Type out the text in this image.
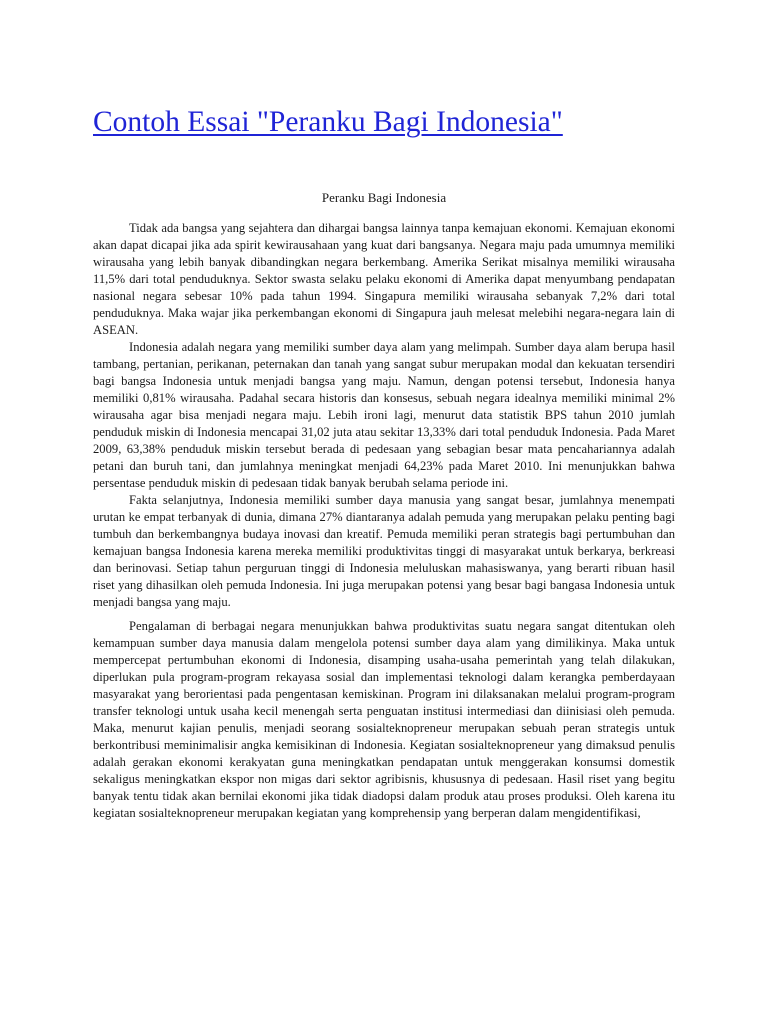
Contoh Essai "Peranku Bagi Indonesia"
Peranku Bagi Indonesia

Tidak ada bangsa yang sejahtera dan dihargai bangsa lainnya tanpa kemajuan ekonomi. Kemajuan ekonomi akan dapat dicapai jika ada spirit kewirausahaan yang kuat dari bangsanya. Negara maju pada umumnya memiliki wirausaha yang lebih banyak dibandingkan negara berkembang. Amerika Serikat misalnya memiliki wirausaha 11,5% dari total penduduknya. Sektor swasta selaku pelaku ekonomi di Amerika dapat menyumbang pendapatan nasional negara sebesar 10% pada tahun 1994. Singapura memiliki wirausaha sebanyak 7,2% dari total penduduknya. Maka wajar jika perkembangan ekonomi di Singapura jauh melesat melebihi negara-negara lain di ASEAN.

Indonesia adalah negara yang memiliki sumber daya alam yang melimpah. Sumber daya alam berupa hasil tambang, pertanian, perikanan, peternakan dan tanah yang sangat subur merupakan modal dan kekuatan tersendiri bagi bangsa Indonesia untuk menjadi bangsa yang maju. Namun, dengan potensi tersebut, Indonesia hanya memiliki 0,81% wirausaha. Padahal secara historis dan konsesus, sebuah negara idealnya memiliki minimal 2% wirausaha agar bisa menjadi negara maju. Lebih ironi lagi, menurut data statistik BPS tahun 2010 jumlah penduduk miskin di Indonesia mencapai 31,02 juta atau sekitar 13,33% dari total penduduk Indonesia. Pada Maret 2009, 63,38% penduduk miskin tersebut berada di pedesaan yang sebagian besar mata pencahariannya adalah petani dan buruh tani, dan jumlahnya meningkat menjadi 64,23% pada Maret 2010. Ini menunjukkan bahwa persentase penduduk miskin di pedesaan tidak banyak berubah selama periode ini.

Fakta selanjutnya, Indonesia memiliki sumber daya manusia yang sangat besar, jumlahnya menempati urutan ke empat terbanyak di dunia, dimana 27% diantaranya adalah pemuda yang merupakan pelaku penting bagi tumbuh dan berkembangnya budaya inovasi dan kreatif. Pemuda memiliki peran strategis bagi pertumbuhan dan kemajuan bangsa Indonesia karena mereka memiliki produktivitas tinggi di masyarakat untuk berkarya, berkreasi dan berinovasi. Setiap tahun perguruan tinggi di Indonesia meluluskan mahasiswanya, yang berarti ribuan hasil riset yang dihasilkan oleh pemuda Indonesia. Ini juga merupakan potensi yang besar bagi bangasa Indonesia untuk menjadi bangsa yang maju.

Pengalaman di berbagai negara menunjukkan bahwa produktivitas suatu negara sangat ditentukan oleh kemampuan sumber daya manusia dalam mengelola potensi sumber daya alam yang dimilikinya. Maka untuk mempercepat pertumbuhan ekonomi di Indonesia, disamping usaha-usaha pemerintah yang telah dilakukan, diperlukan pula program-program rekayasa sosial dan implementasi teknologi dalam kerangka pemberdayaan masyarakat yang berorientasi pada pengentasan kemiskinan. Program ini dilaksanakan melalui program-program transfer teknologi untuk usaha kecil menengah serta penguatan institusi intermediasi dan diinisiasi oleh pemuda. Maka, menurut kajian penulis, menjadi seorang sosialteknopreneur merupakan sebuah peran strategis untuk berkontribusi meminimalisir angka kemisikinan di Indonesia. Kegiatan sosialteknopreneur yang dimaksud penulis adalah gerakan ekonomi kerakyatan guna meningkatkan pendapatan untuk menggerakan konsumsi domestik sekaligus meningkatkan ekspor non migas dari sektor agribisnis, khususnya di pedesaan. Hasil riset yang begitu banyak tentu tidak akan bernilai ekonomi jika tidak diadopsi dalam produk atau proses produksi. Oleh karena itu kegiatan sosialteknopreneur merupakan kegiatan yang komprehensip yang berperan dalam mengidentifikasi,
